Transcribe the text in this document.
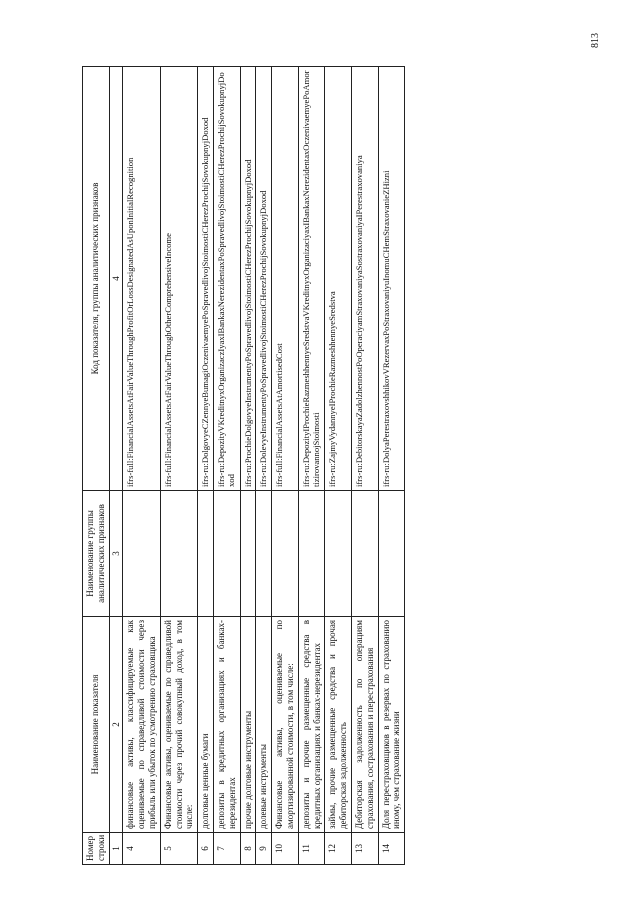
813
Номер строки	Наименование показателя	Наименование группы аналитических признаков	Код показателя, группы аналитических признаков
1	2	3	4
4	финансовые активы, классифицируемые как оцениваемые по справедливой стоимости через прибыль или убыток по усмотрению страховщика		ifrs-full:FinancialAssetsAtFairValueThroughProfitOrLossDesignatedAsUponInitialRecognition
5	Финансовые активы, оцениваемые по справедливой стоимости через прочий совокупный доход, в том числе:		ifrs-full:FinancialAssetsAtFairValueThroughOtherComprehensiveIncome
6	долговые ценные бумаги		ifrs-ru:DolgovyeCZennyeBumagiOczenivaemyePoSpravedlivojStoimostiCHerezProchijSovokupnyjDoxod
7	депозиты в кредитных организациях и банках-нерезидентах		ifrs-ru:DepozityVKreditnyxOrganizaczIyaxIBankaxNerezidentaxPoSpravedlivojStoimostiCHerezProchijSovokupnyjDoxod
8	прочие долговые инструменты		ifrs-ru:ProchieDolgovyeInstrumentyPoSpravedlivojStoimostiCHerezProchijSovokupnyjDoxod
9	долевые инструменты		ifrs-ru:DolevyeInstrumentyPoSpravedlivojStoimostiCHerezProchijSovokupnyjDoxod
10	Финансовые активы, оцениваемые по амортизированной стоимости, в том числе:		ifrs-full:FinancialAssetsAtAmortisedCost
11	депозиты и прочие размещенные средства в кредитных организациях и банках-нерезидентах		ifrs-ru:DepozityIProchieRazmeshhennyeSredstvaVKreditnyxOrganizaciyaxIBankaxNerezidentaxOczenivaemyePoAmortizirovannojStoimosti
12	займы, прочие размещенные средства и прочая дебиторская задолженность		ifrs-ru:ZajmyVydannyeIProchieRazmeshhennyeSredstva
13	Дебиторская задолженность по операциям страхования, сострахования и перестрахования		ifrs-ru:DebitorskayaZadolzhennostPoOperaciyamStraxovaniyaSostraxovaniyaIPerestraxovaniya
14	Доля перестраховщиков в резервах по страхованию иному, чем страхование жизни		ifrs-ru:DolyaPerestraxovshhikovVRezervaxPoStraxovaniyuInomuCHemStraxovanieZHizni
